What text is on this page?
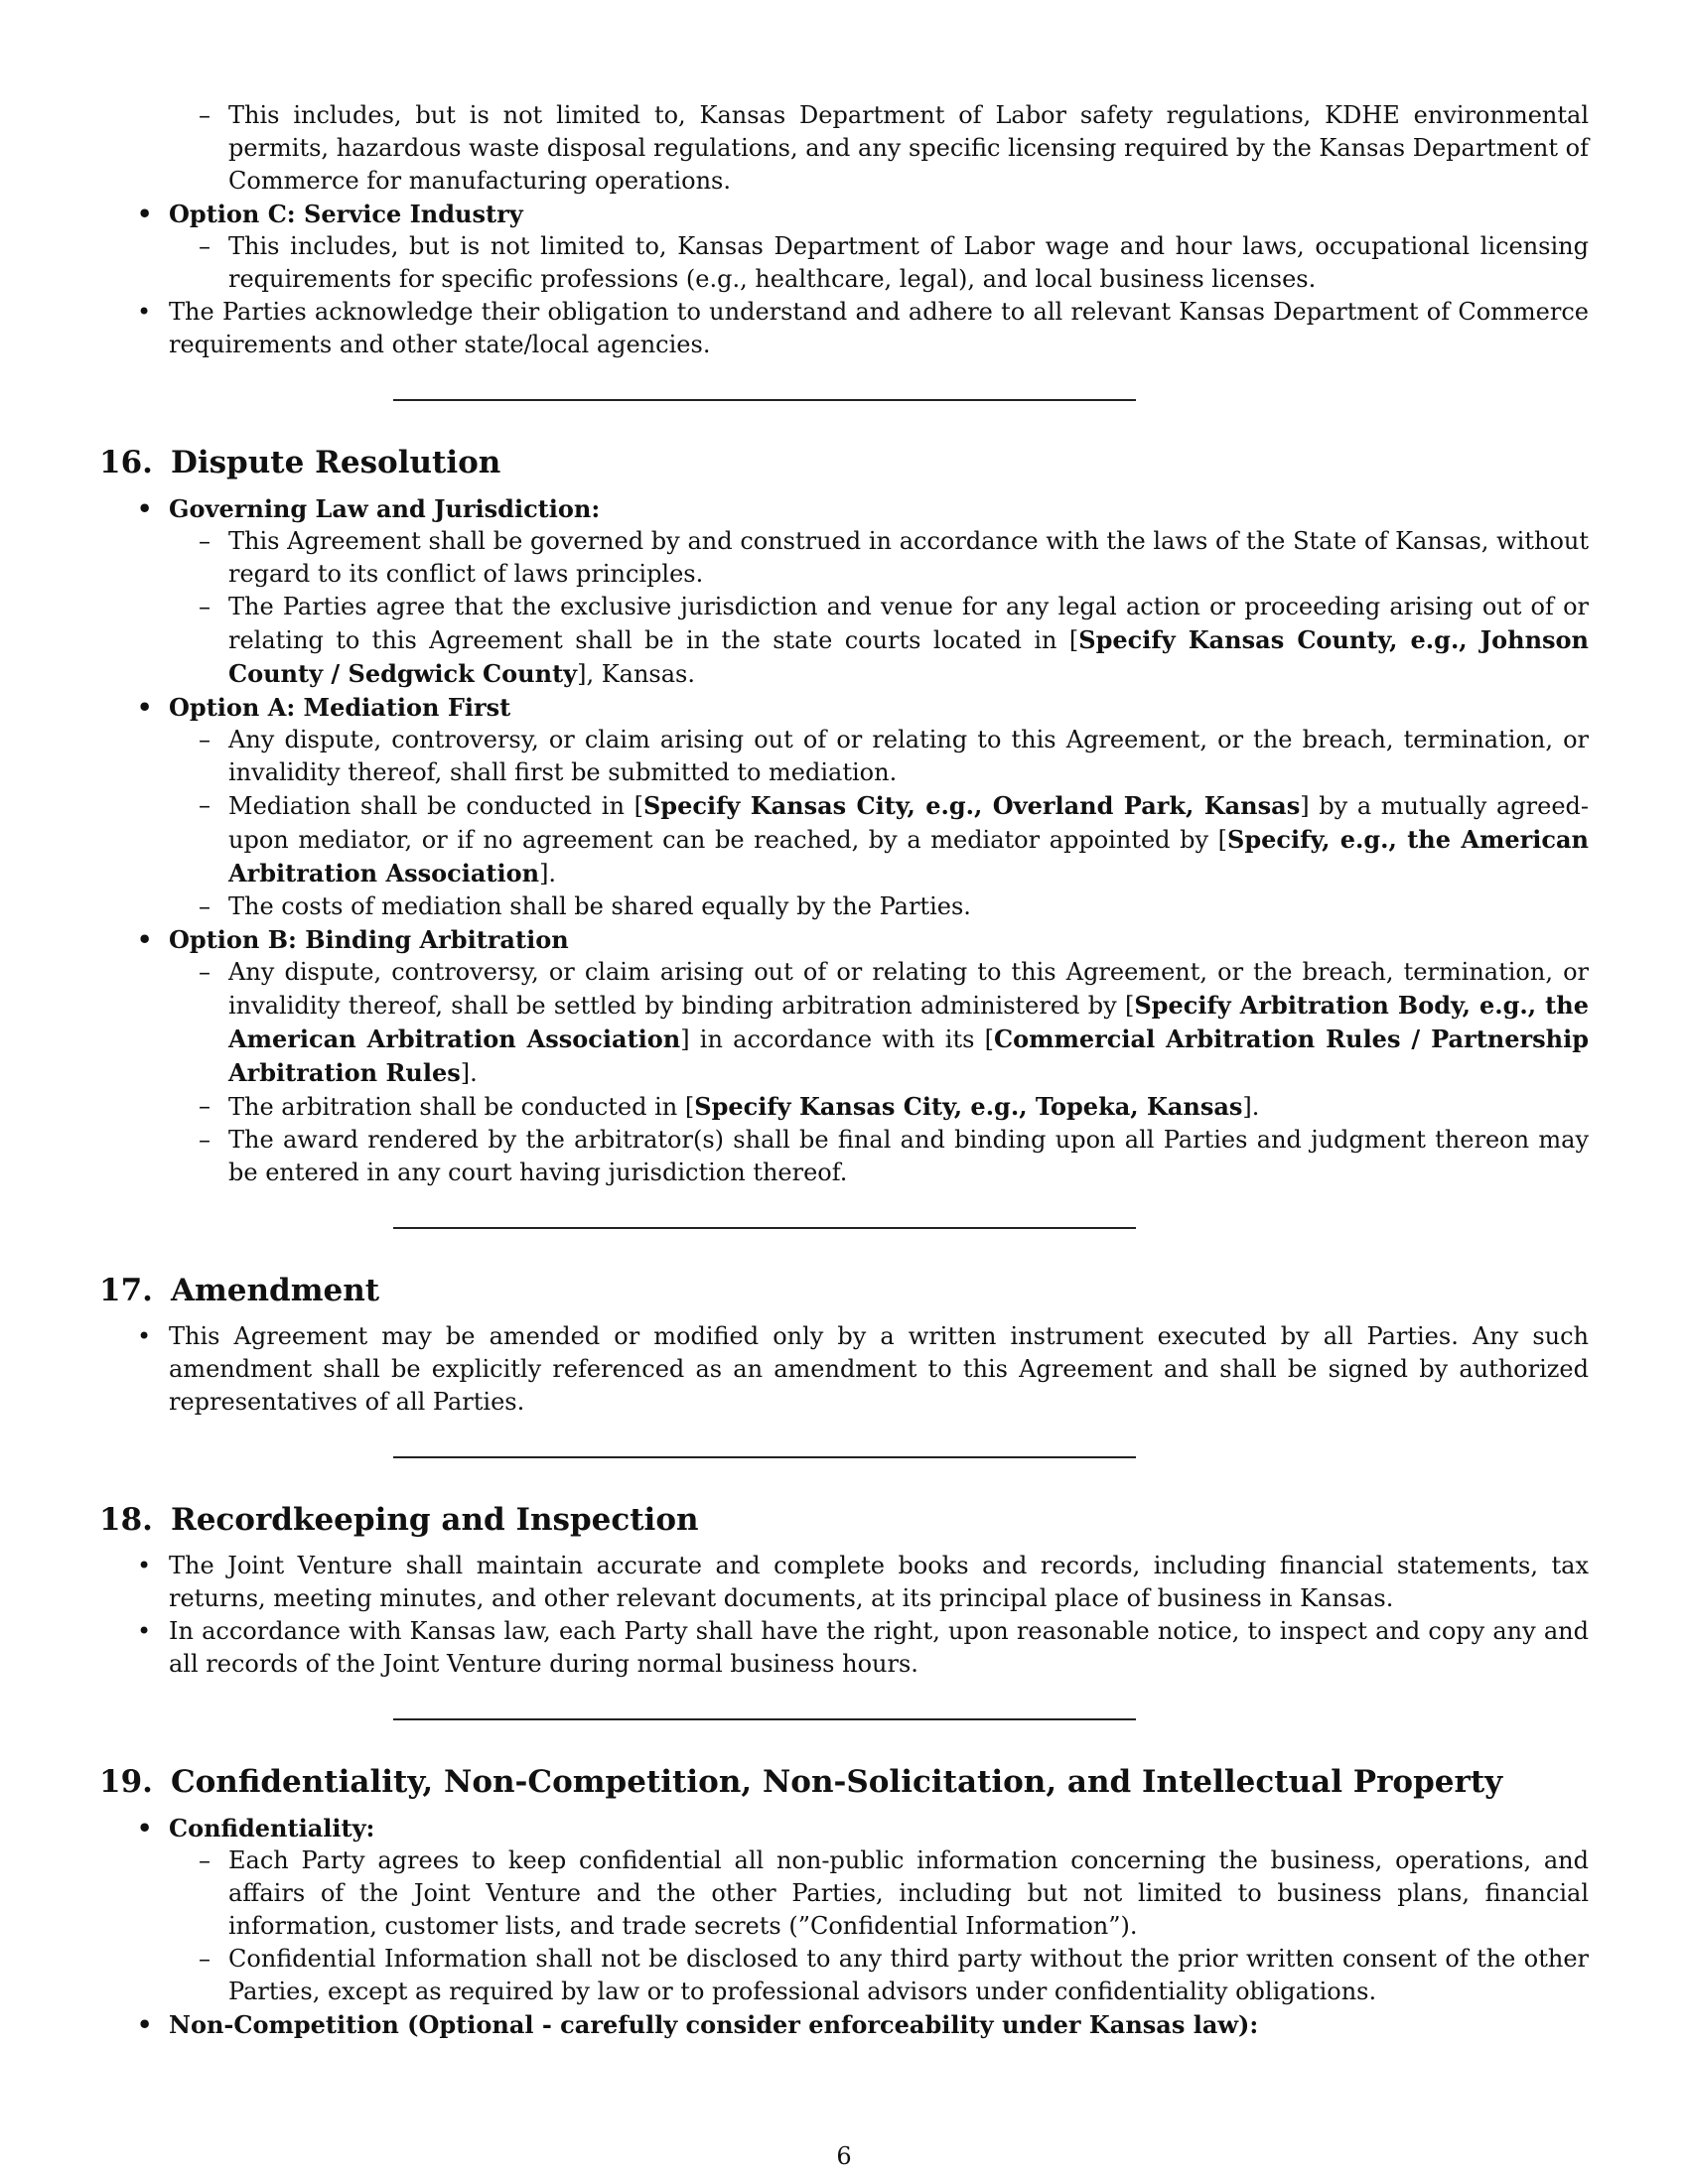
– This includes, but is not limited to, Kansas Department of Labor safety regulations, KDHE environmental permits, hazardous waste disposal regulations, and any specific licensing required by the Kansas Department of Commerce for manufacturing operations.
• Option C: Service Industry
– This includes, but is not limited to, Kansas Department of Labor wage and hour laws, occupational licensing requirements for specific professions (e.g., healthcare, legal), and local business licenses.
• The Parties acknowledge their obligation to understand and adhere to all relevant Kansas Department of Commerce requirements and other state/local agencies.
16. Dispute Resolution
• Governing Law and Jurisdiction:
– This Agreement shall be governed by and construed in accordance with the laws of the State of Kansas, without regard to its conflict of laws principles.
– The Parties agree that the exclusive jurisdiction and venue for any legal action or proceeding arising out of or relating to this Agreement shall be in the state courts located in [Specify Kansas County, e.g., Johnson County / Sedgwick County], Kansas.
• Option A: Mediation First
– Any dispute, controversy, or claim arising out of or relating to this Agreement, or the breach, termination, or invalidity thereof, shall first be submitted to mediation.
– Mediation shall be conducted in [Specify Kansas City, e.g., Overland Park, Kansas] by a mutually agreed-upon mediator, or if no agreement can be reached, by a mediator appointed by [Specify, e.g., the American Arbitration Association].
– The costs of mediation shall be shared equally by the Parties.
• Option B: Binding Arbitration
– Any dispute, controversy, or claim arising out of or relating to this Agreement, or the breach, termination, or invalidity thereof, shall be settled by binding arbitration administered by [Specify Arbitration Body, e.g., the American Arbitration Association] in accordance with its [Commercial Arbitration Rules / Partnership Arbitration Rules].
– The arbitration shall be conducted in [Specify Kansas City, e.g., Topeka, Kansas].
– The award rendered by the arbitrator(s) shall be final and binding upon all Parties and judgment thereon may be entered in any court having jurisdiction thereof.
17. Amendment
• This Agreement may be amended or modified only by a written instrument executed by all Parties. Any such amendment shall be explicitly referenced as an amendment to this Agreement and shall be signed by authorized representatives of all Parties.
18. Recordkeeping and Inspection
• The Joint Venture shall maintain accurate and complete books and records, including financial statements, tax returns, meeting minutes, and other relevant documents, at its principal place of business in Kansas.
• In accordance with Kansas law, each Party shall have the right, upon reasonable notice, to inspect and copy any and all records of the Joint Venture during normal business hours.
19. Confidentiality, Non-Competition, Non-Solicitation, and Intellectual Property
• Confidentiality:
– Each Party agrees to keep confidential all non-public information concerning the business, operations, and affairs of the Joint Venture and the other Parties, including but not limited to business plans, financial information, customer lists, and trade secrets (”Confidential Information”).
– Confidential Information shall not be disclosed to any third party without the prior written consent of the other Parties, except as required by law or to professional advisors under confidentiality obligations.
• Non-Competition (Optional - carefully consider enforceability under Kansas law):
6
